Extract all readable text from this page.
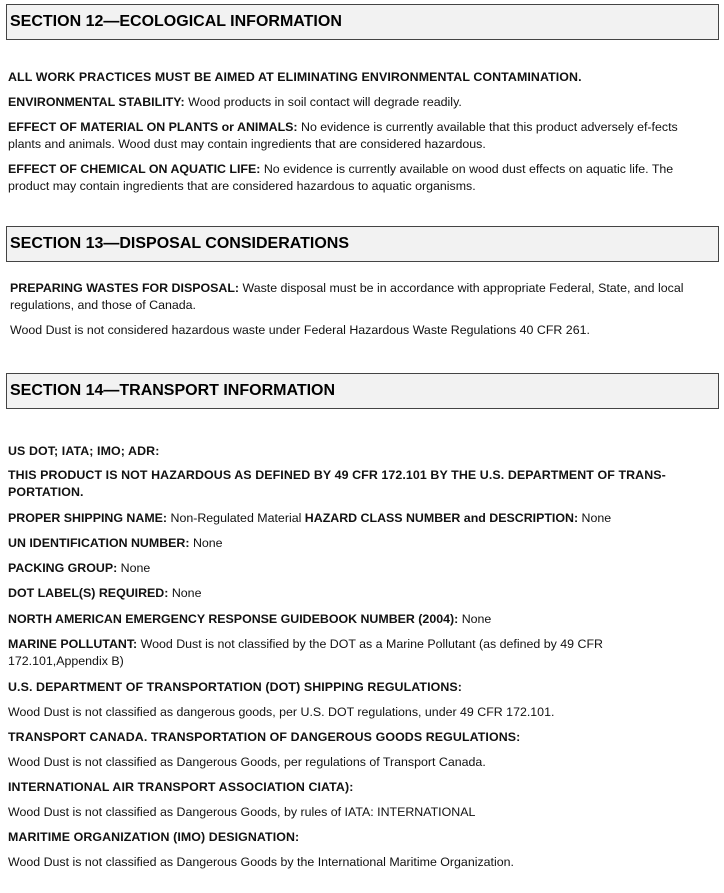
SECTION 12—ECOLOGICAL INFORMATION

ALL WORK PRACTICES MUST BE AIMED AT ELIMINATING ENVIRONMENTAL CONTAMINATION.

ENVIRONMENTAL STABILITY: Wood products in soil contact will degrade readily.

EFFECT OF MATERIAL ON PLANTS or ANIMALS: No evidence is currently available that this product adversely ef-fects plants and animals. Wood dust may contain ingredients that are considered hazardous.

EFFECT OF CHEMICAL ON AQUATIC LIFE: No evidence is currently available on wood dust effects on aquatic life. The product may contain ingredients that are considered hazardous to aquatic organisms.

SECTION 13—DISPOSAL CONSIDERATIONS

PREPARING WASTES FOR DISPOSAL: Waste disposal must be in accordance with appropriate Federal, State, and local regulations, and those of Canada.

Wood Dust is not considered hazardous waste under Federal Hazardous Waste Regulations 40 CFR 261.

SECTION 14—TRANSPORT INFORMATION

US DOT; IATA; IMO; ADR:

THIS PRODUCT IS NOT HAZARDOUS AS DEFINED BY 49 CFR 172.101 BY THE U.S. DEPARTMENT OF TRANS-PORTATION.

PROPER SHIPPING NAME: Non-Regulated Material HAZARD CLASS NUMBER and DESCRIPTION: None

UN IDENTIFICATION NUMBER: None

PACKING GROUP: None

DOT LABEL(S) REQUIRED: None

NORTH AMERICAN EMERGENCY RESPONSE GUIDEBOOK NUMBER (2004): None

MARINE POLLUTANT: Wood Dust is not classified by the DOT as a Marine Pollutant (as defined by 49 CFR 172.101,Appendix B)

U.S. DEPARTMENT OF TRANSPORTATION (DOT) SHIPPING REGULATIONS:

Wood Dust is not classified as dangerous goods, per U.S. DOT regulations, under 49 CFR 172.101.

TRANSPORT CANADA. TRANSPORTATION OF DANGEROUS GOODS REGULATIONS:

Wood Dust is not classified as Dangerous Goods, per regulations of Transport Canada.

INTERNATIONAL AIR TRANSPORT ASSOCIATION CIATA):

Wood Dust is not classified as Dangerous Goods, by rules of IATA: INTERNATIONAL

MARITIME ORGANIZATION (IMO) DESIGNATION:

Wood Dust is not classified as Dangerous Goods by the International Maritime Organization.
